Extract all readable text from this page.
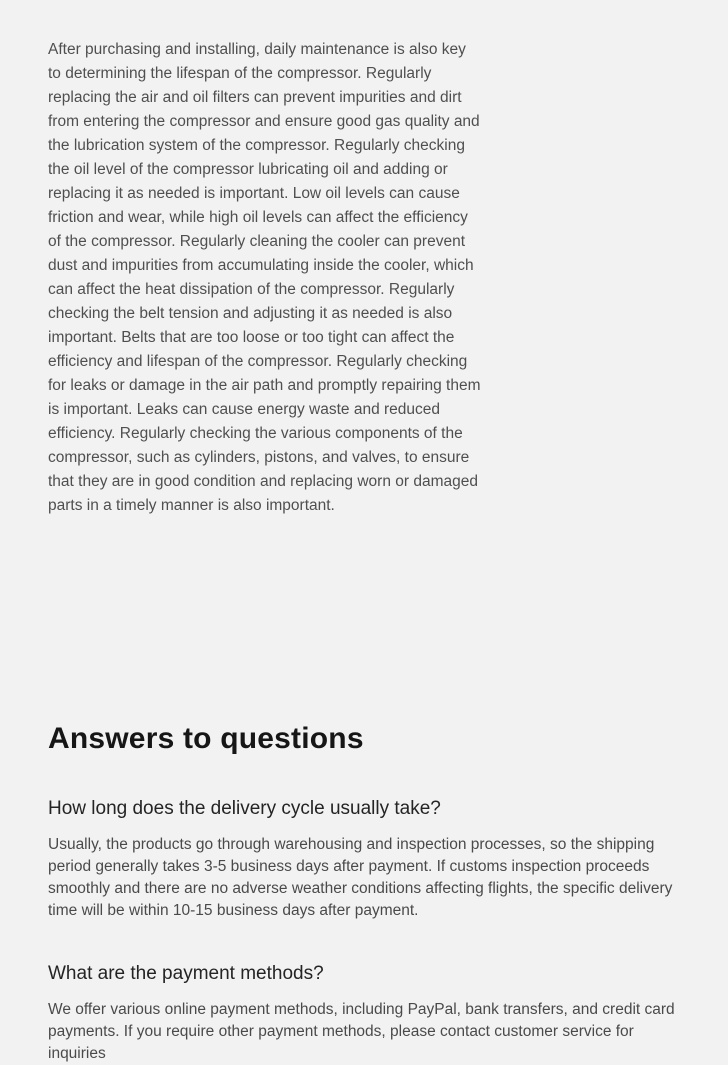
After purchasing and installing, daily maintenance is also key to determining the lifespan of the compressor. Regularly replacing the air and oil filters can prevent impurities and dirt from entering the compressor and ensure good gas quality and the lubrication system of the compressor. Regularly checking the oil level of the compressor lubricating oil and adding or replacing it as needed is important. Low oil levels can cause friction and wear, while high oil levels can affect the efficiency of the compressor. Regularly cleaning the cooler can prevent dust and impurities from accumulating inside the cooler, which can affect the heat dissipation of the compressor. Regularly checking the belt tension and adjusting it as needed is also important. Belts that are too loose or too tight can affect the efficiency and lifespan of the compressor. Regularly checking for leaks or damage in the air path and promptly repairing them is important. Leaks can cause energy waste and reduced efficiency. Regularly checking the various components of the compressor, such as cylinders, pistons, and valves, to ensure that they are in good condition and replacing worn or damaged parts in a timely manner is also important.

Answers to questions
How long does the delivery cycle usually take?

Usually, the products go through warehousing and inspection processes, so the shipping period generally takes 3-5 business days after payment. If customs inspection proceeds smoothly and there are no adverse weather conditions affecting flights, the specific delivery time will be within 10-15 business days after payment.

What are the payment methods?

We offer various online payment methods, including PayPal, bank transfers, and credit card payments. If you require other payment methods, please contact customer service for inquiries
